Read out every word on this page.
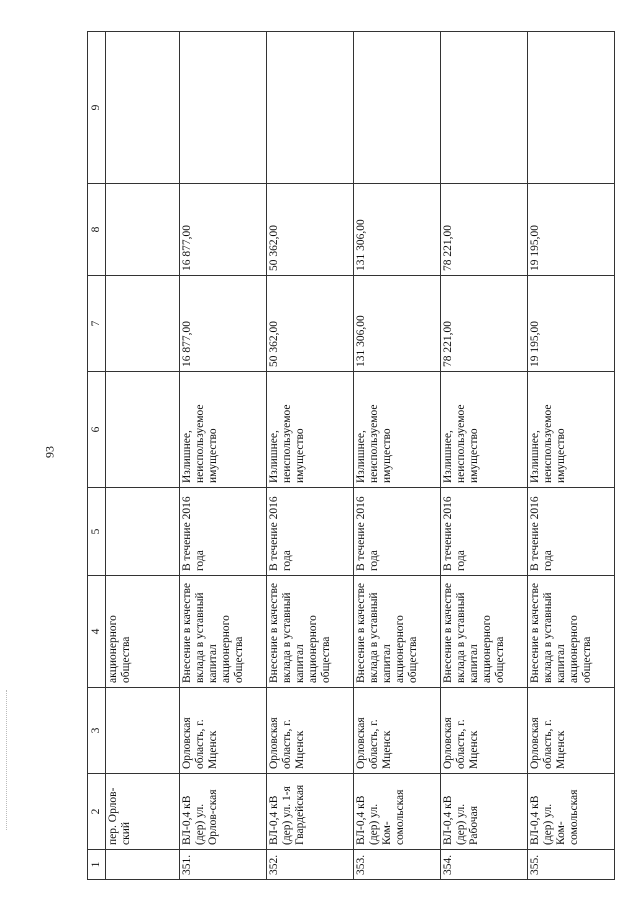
93
1	2	3	4	5	6	7	8	9
	пер. Орлов-ский		акционерного общества					
351.	ВЛ-0,4 кВ (дер) ул. Орлов-ская	Орловская область, г. Мценск	Внесение в качестве вклада в уставный капитал акционерного общества	В течение 2016 года	Излишнее, неиспользуемое имущество	16 877,00	16 877,00	
352.	ВЛ-0,4 кВ (дер) ул. 1-я Гвардейская	Орловская область, г. Мценск	Внесение в качестве вклада в уставный капитал акционерного общества	В течение 2016 года	Излишнее, неиспользуемое имущество	50 362,00	50 362,00	
353.	ВЛ-0,4 кВ (дер) ул. Ком-сомольская	Орловская область, г. Мценск	Внесение в качестве вклада в уставный капитал акционерного общества	В течение 2016 года	Излишнее, неиспользуемое имущество	131 306,00	131 306,00	
354.	ВЛ-0,4 кВ (дер) ул. Рабочая	Орловская область, г. Мценск	Внесение в качестве вклада в уставный капитал акционерного общества	В течение 2016 года	Излишнее, неиспользуемое имущество	78 221,00	78 221,00	
355.	ВЛ-0,4 кВ (дер) ул. Ком-сомольская	Орловская область, г. Мценск	Внесение в качестве вклада в уставный капитал акционерного общества	В течение 2016 года	Излишнее, неиспользуемое имущество	19 195,00	19 195,00	
